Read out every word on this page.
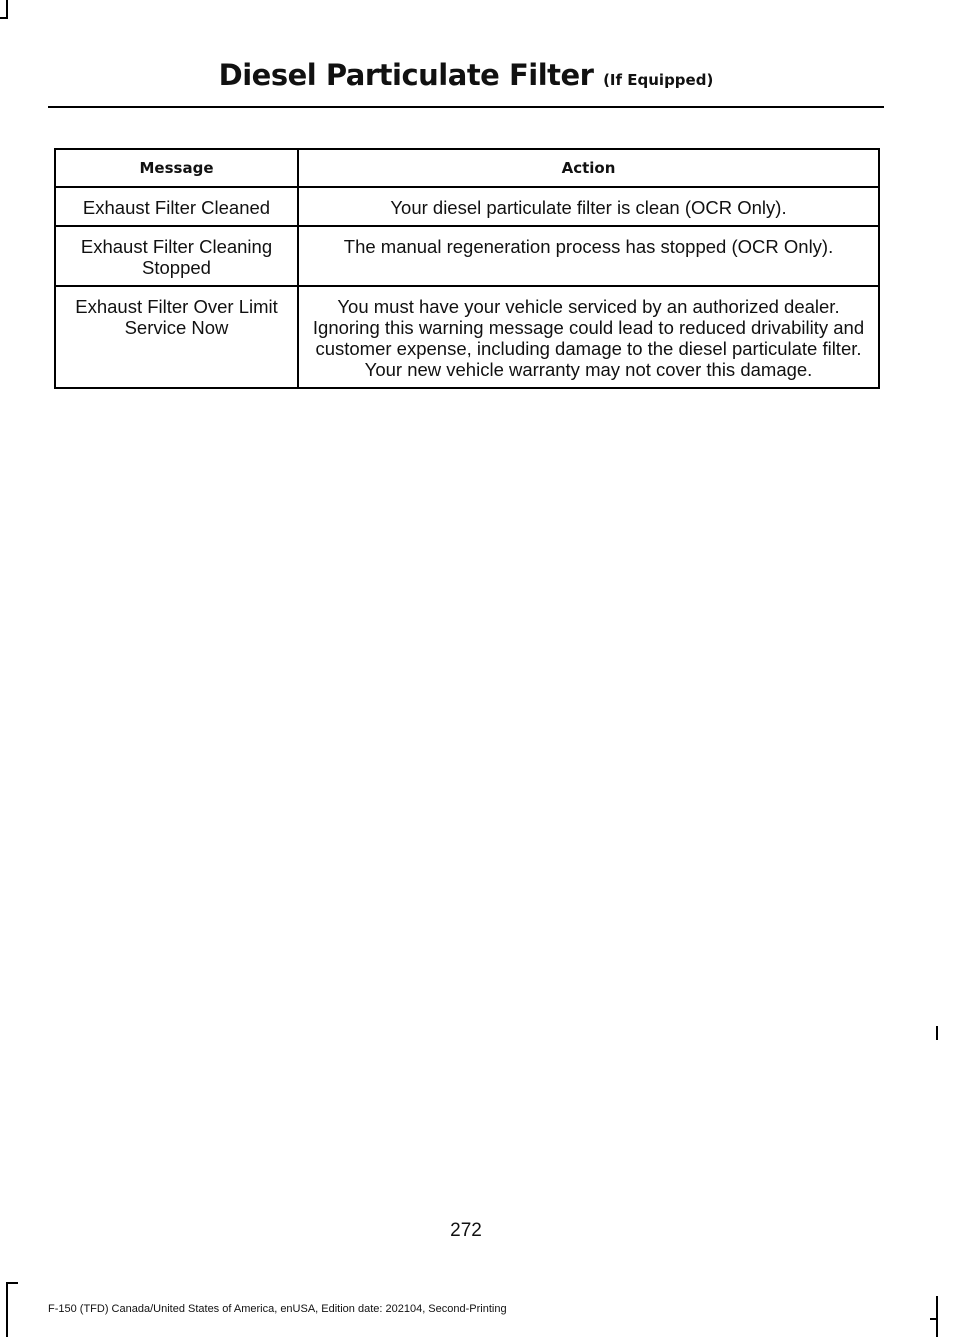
Diesel Particulate Filter (If Equipped)
Message	Action
Exhaust Filter Cleaned	Your diesel particulate filter is clean (OCR Only).
Exhaust Filter Cleaning Stopped	The manual regeneration process has stopped (OCR Only).
Exhaust Filter Over Limit Service Now	You must have your vehicle serviced by an authorized dealer. Ignoring this warning message could lead to reduced drivability and customer expense, including damage to the diesel particulate filter. Your new vehicle warranty may not cover this damage.
272
F-150 (TFD) Canada/United States of America, enUSA, Edition date: 202104, Second-Printing
